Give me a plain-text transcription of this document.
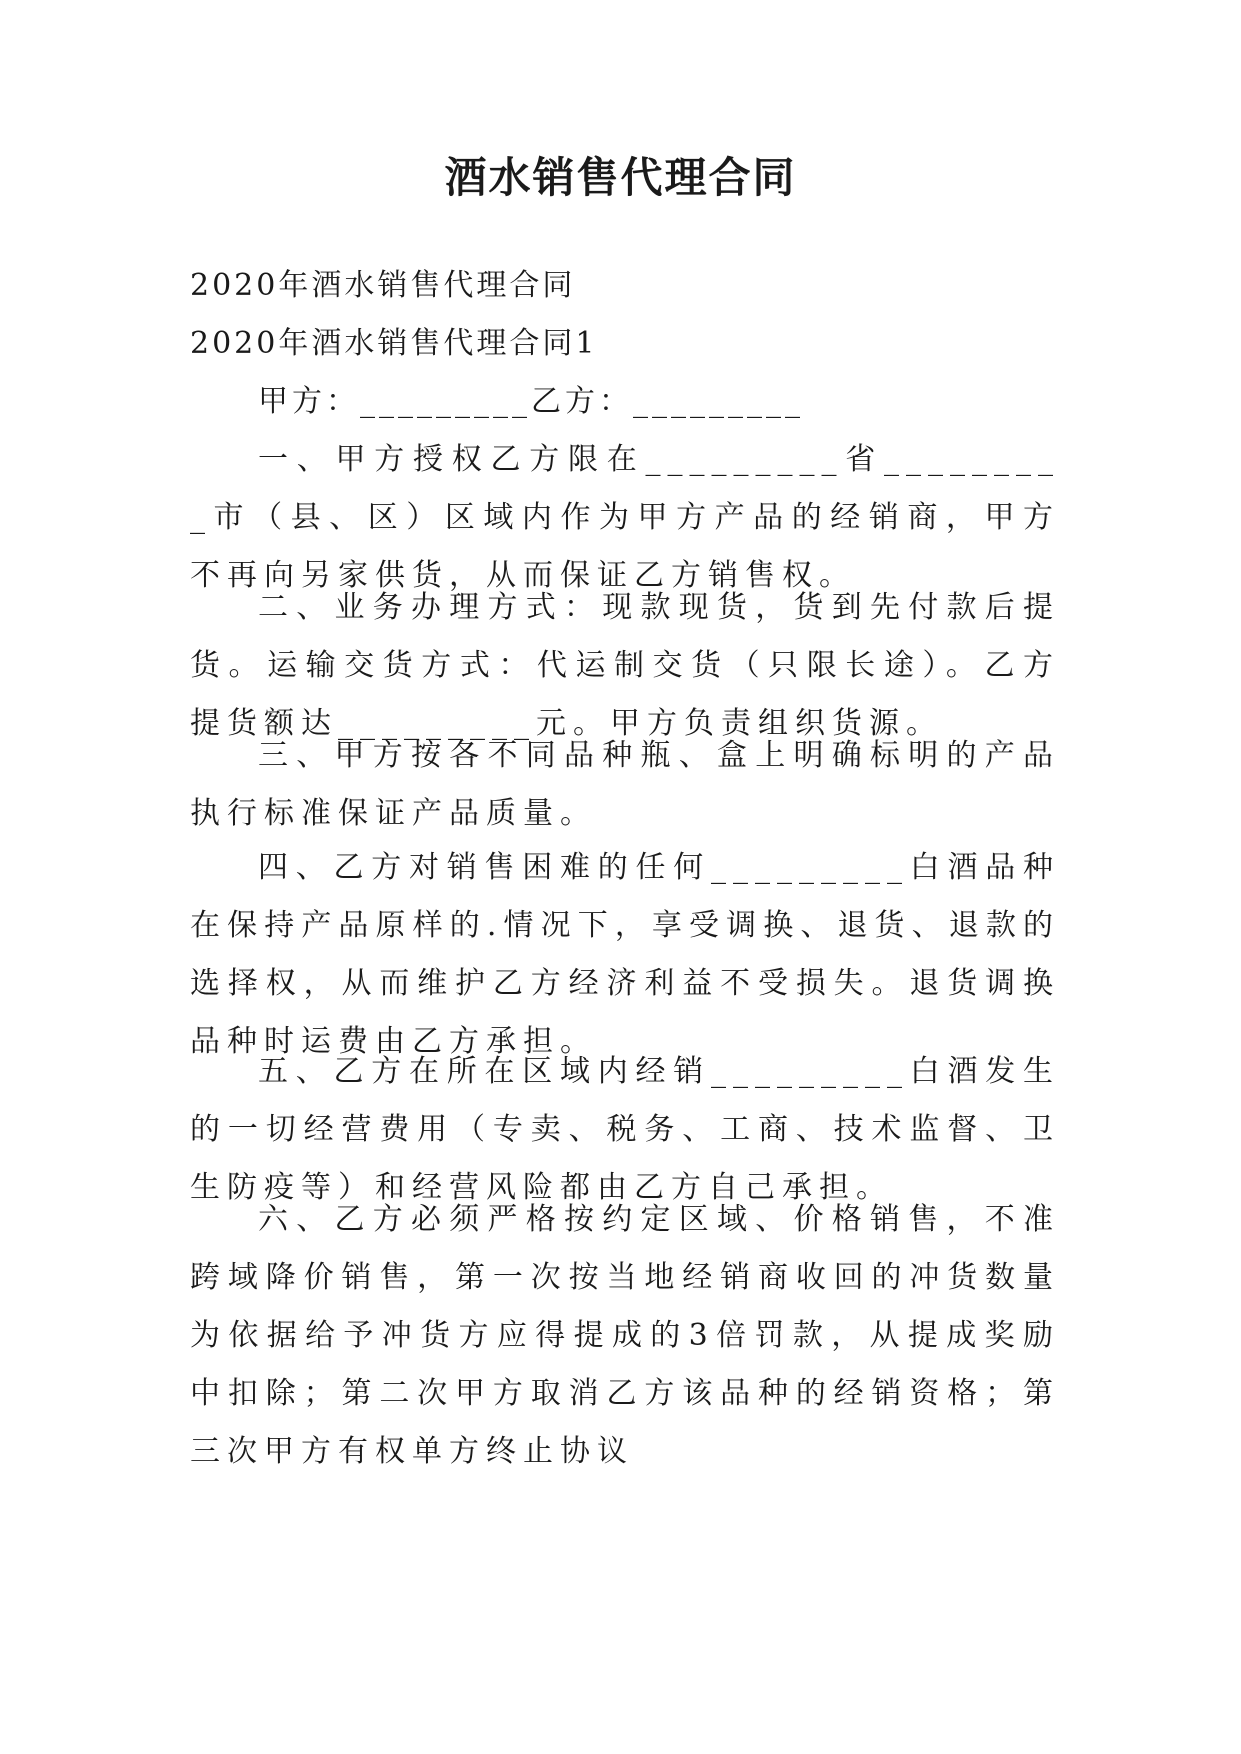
酒水销售代理合同
2020年酒水销售代理合同
2020年酒水销售代理合同1
甲方：_________乙方：_________
一、甲方授权乙方限在_________省_________市（县、区）区域内作为甲方产品的经销商，甲方不再向另家供货，从而保证乙方销售权。
二、业务办理方式：现款现货，货到先付款后提货。运输交货方式：代运制交货（只限长途）。乙方提货额达_________元。甲方负责组织货源。
三、甲方按各不同品种瓶、盒上明确标明的产品执行标准保证产品质量。
四、乙方对销售困难的任何_________白酒品种在保持产品原样的.情况下，享受调换、退货、退款的选择权，从而维护乙方经济利益不受损失。退货调换品种时运费由乙方承担。
五、乙方在所在区域内经销_________白酒发生的一切经营费用（专卖、税务、工商、技术监督、卫生防疫等）和经营风险都由乙方自己承担。
六、乙方必须严格按约定区域、价格销售，不准跨域降价销售，第一次按当地经销商收回的冲货数量为依据给予冲货方应得提成的3倍罚款，从提成奖励中扣除；第二次甲方取消乙方该品种的经销资格；第三次甲方有权单方终止协议
